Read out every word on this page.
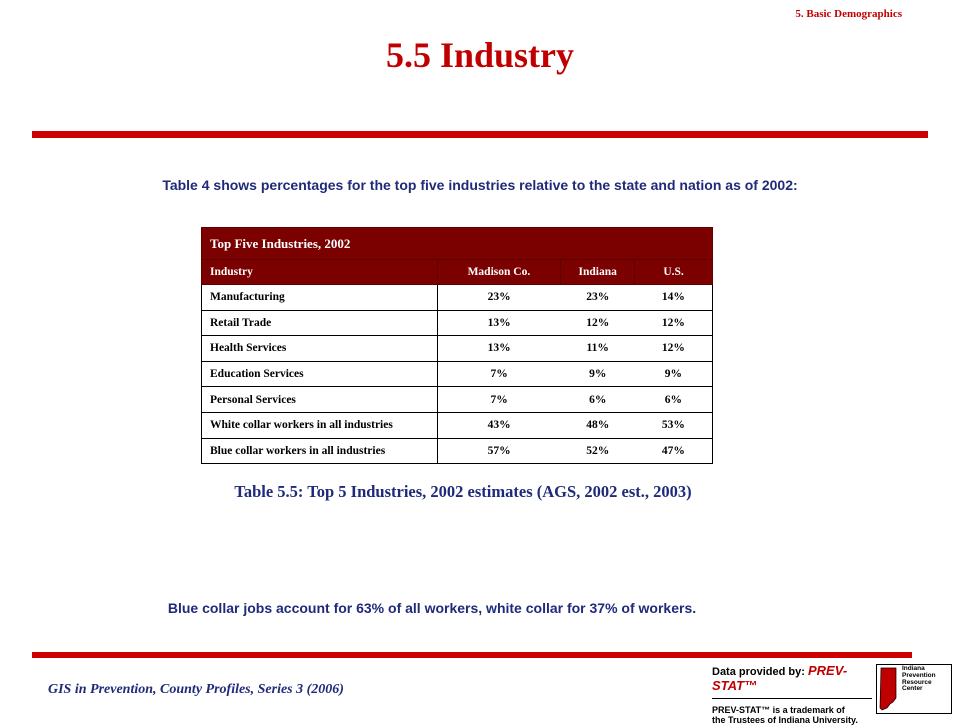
5. Basic Demographics
5.5 Industry
Table 4 shows percentages for the top five industries relative to the state and nation as of 2002:
Top Five Industries, 2002			
Industry	Madison Co.	Indiana	U.S.
Manufacturing	23%	23%	14%
Retail Trade	13%	12%	12%
Health Services	13%	11%	12%
Education Services	7%	9%	9%
Personal Services	7%	6%	6%
White collar workers in all industries	43%	48%	53%
Blue collar workers in all industries	57%	52%	47%
Table 5.5: Top 5 Industries, 2002 estimates (AGS, 2002 est., 2003)
Blue collar jobs account for 63% of all workers, white collar for 37% of workers.
GIS in Prevention, County Profiles, Series 3 (2006)
Data provided by: PREV-STAT™
PREV-STAT™ is a trademark of
the Trustees of Indiana University.
Indiana
Prevention
Resource
Center
